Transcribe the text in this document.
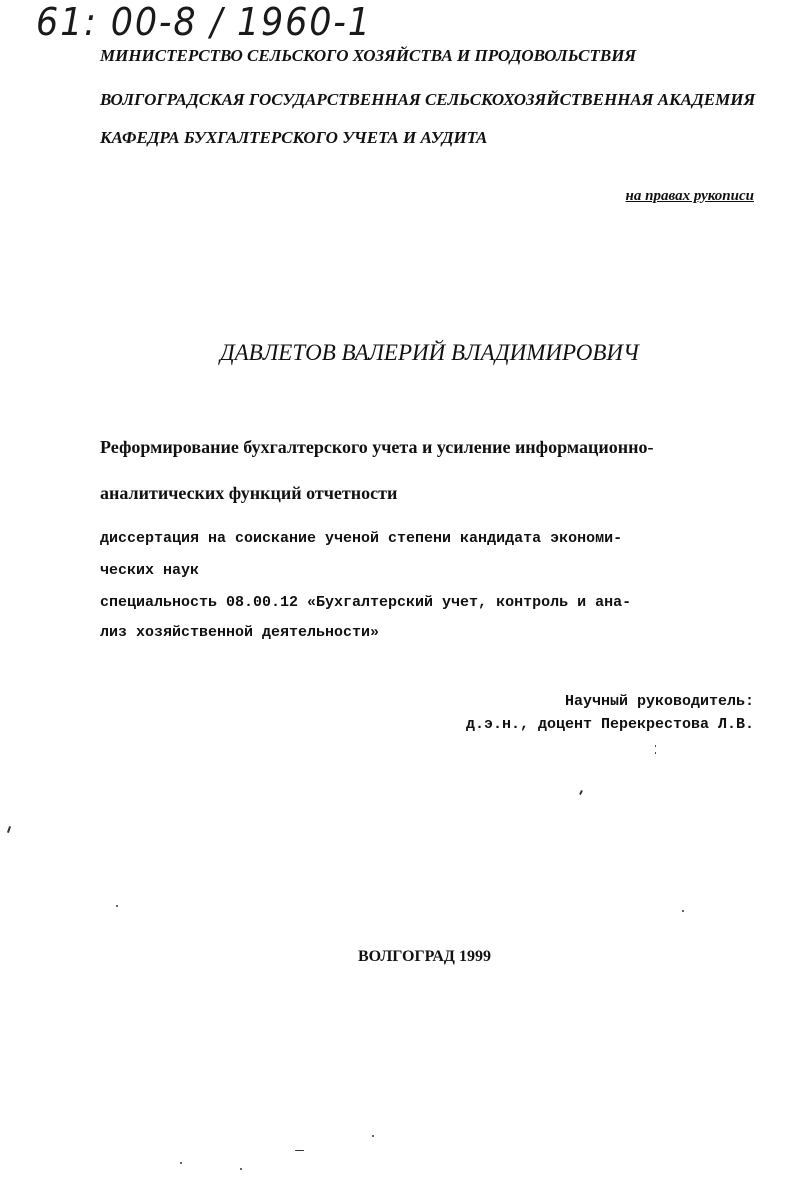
61: 00-8 / 1960-1
МИНИСТЕРСТВО СЕЛЬСКОГО ХОЗЯЙСТВА И ПРОДОВОЛЬСТВИЯ
ВОЛГОГРАДСКАЯ ГОСУДАРСТВЕННАЯ СЕЛЬСКОХОЗЯЙСТВЕННАЯ АКАДЕМИЯ
КАФЕДРА БУХГАЛТЕРСКОГО УЧЕТА И АУДИТА
на правах рукописи
ДАВЛЕТОВ ВАЛЕРИЙ ВЛАДИМИРОВИЧ
Реформирование бухгалтерского учета и усиление информационно-
аналитических функций отчетности
диссертация на соискание ученой степени кандидата экономи-
ческих наук
специальность 08.00.12 «Бухгалтерский учет, контроль и ана-
лиз хозяйственной деятельности»
Научный руководитель:
д.э.н., доцент Перекрестова Л.В.
ВОЛГОГРАД 1999
